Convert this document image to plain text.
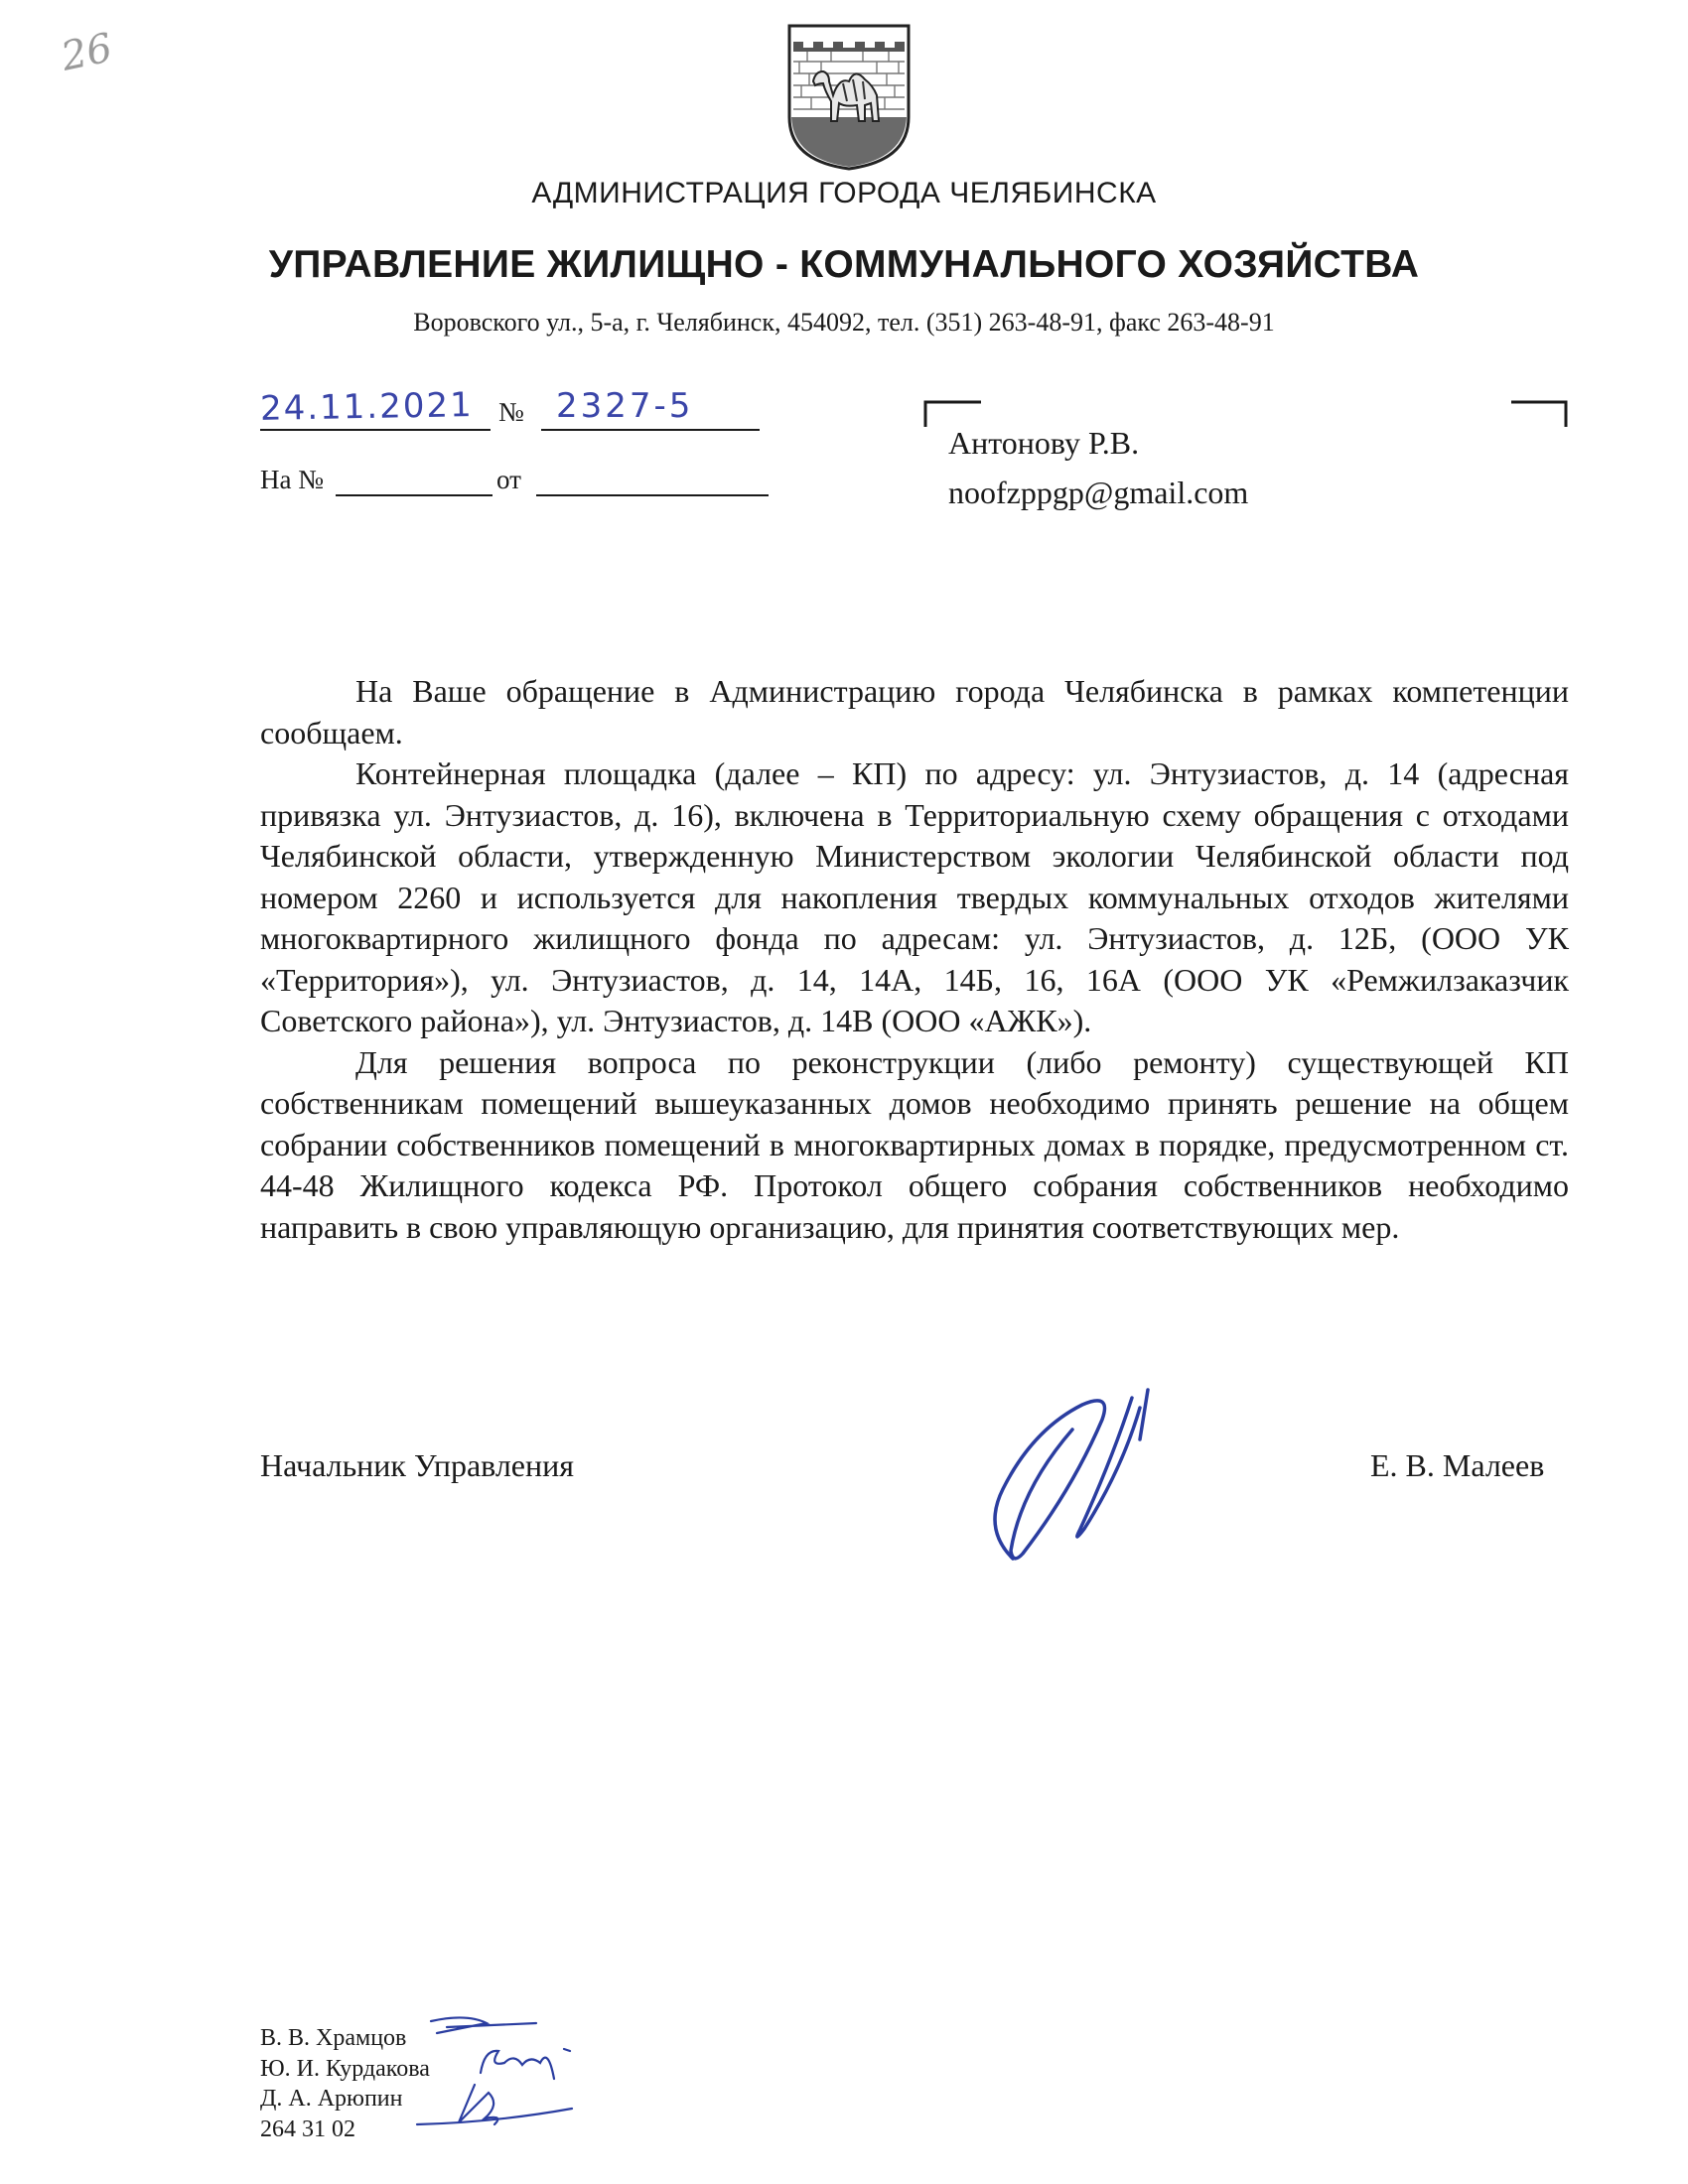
26
АДМИНИСТРАЦИЯ ГОРОДА ЧЕЛЯБИНСКА
УПРАВЛЕНИЕ ЖИЛИЩНО - КОММУНАЛЬНОГО ХОЗЯЙСТВА
Воровского ул., 5-а, г. Челябинск, 454092, тел. (351) 263-48-91, факс 263-48-91
24.11.2021 № 2327-5
На №	от
Антонову Р.В.
noofzppgp@gmail.com

На Ваше обращение в Администрацию города Челябинска в рамках компетенции сообщаем.

Контейнерная площадка (далее – КП) по адресу: ул. Энтузиастов, д. 14 (адресная привязка ул. Энтузиастов, д. 16), включена в Территориальную схему обращения с отходами Челябинской области, утвержденную Министерством экологии Челябинской области под номером 2260 и используется для накопления твердых коммунальных отходов жителями многоквартирного жилищного фонда по адресам: ул. Энтузиастов, д. 12Б, (ООО УК «Территория»), ул. Энтузиастов, д. 14, 14А, 14Б, 16, 16А (ООО УК «Ремжилзаказчик Советского района»), ул. Энтузиастов, д. 14В (ООО «АЖК»).

Для решения вопроса по реконструкции (либо ремонту) существующей КП собственникам помещений вышеуказанных домов необходимо принять решение на общем собрании собственников помещений в многоквартирных домах в порядке, предусмотренном ст. 44-48 Жилищного кодекса РФ. Протокол общего собрания собственников необходимо направить в свою управляющую организацию, для принятия соответствующих мер.

Начальник Управления	Е. В. Малеев
В. В. Храмцов
Ю. И. Курдакова
Д. А. Арюпин
264 31 02
